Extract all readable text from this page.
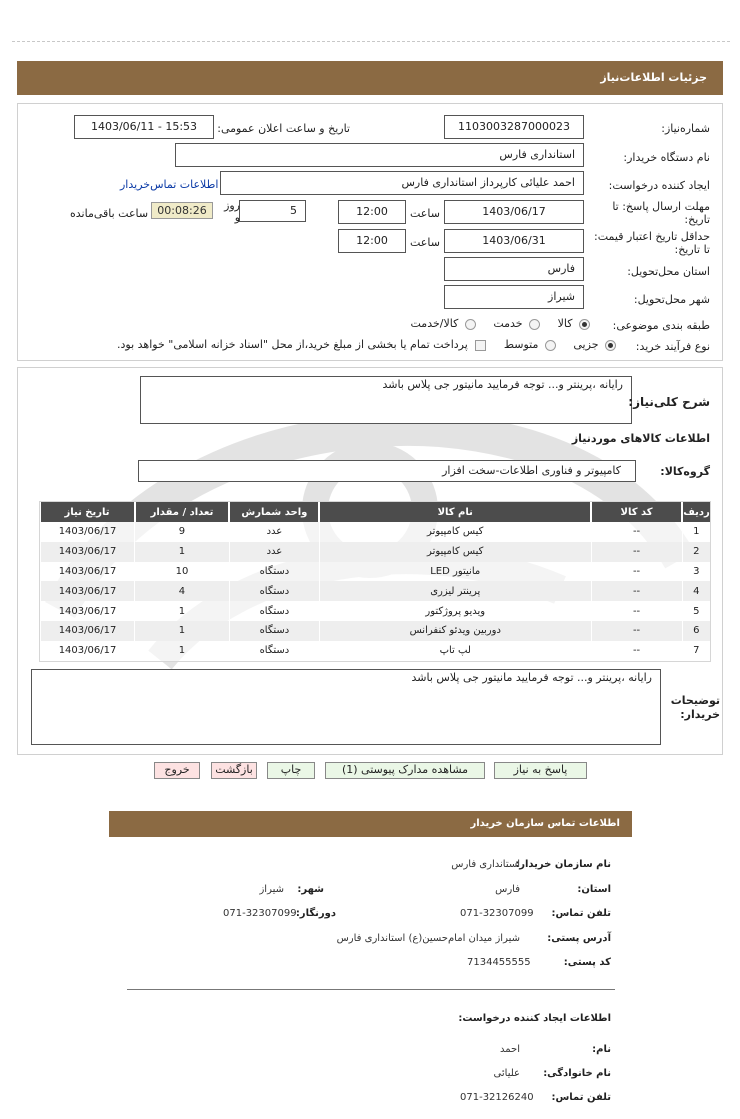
جزئیات اطلاعات‌نیاز
شماره‌نیاز:
1103003287000023
تاریخ و ساعت اعلان عمومی:
1403/06/11 - 15:53
نام دستگاه خریدار:
استانداری فارس
ایجاد کننده درخواست:
احمد علیائی کارپرداز استانداری فارس
اطلاعات تماس‌خریدار
مهلت ارسال پاسخ: تا تاریخ:
1403/06/17
ساعت
12:00
5
روز و
00:08:26
ساعت باقی‌مانده
حداقل تاریخ اعتبار قیمت: تا تاریخ:
1403/06/31
ساعت
12:00
استان محل‌تحویل:
فارس
شهر محل‌تحویل:
شیراز
طبقه بندی موضوعی:
کالا  خدمت  کالا/خدمت
نوع فرآیند خرید:
جزیی  متوسط  پرداخت تمام یا بخشی از مبلغ خرید،از محل "اسناد خزانه اسلامی" خواهد بود.
رایانه ،پرینتر و... توجه فرمایید مانیتور جی پلاس باشد
شرح کلی‌نیاز:
اطلاعات کالاهای موردنیاز
گروه‌کالا:
کامپیوتر و فناوری اطلاعات-سخت افزار
ردیف	کد کالا	نام کالا	واحد شمارش	تعداد / مقدار	تاریخ نیاز
1	--	کیس کامپیوتر	عدد	9	1403/06/17
2	--	کیس کامپیوتر	عدد	1	1403/06/17
3	--	مانیتور LED	دستگاه	10	1403/06/17
4	--	پرینتر لیزری	دستگاه	4	1403/06/17
5	--	ویدیو پروژکتور	دستگاه	1	1403/06/17
6	--	دوربین ویدئو کنفرانس	دستگاه	1	1403/06/17
7	--	لپ تاپ	دستگاه	1	1403/06/17
رایانه ،پرینتر و... توجه فرمایید مانیتور جی پلاس باشد
توضیحات خریدار:
پاسخ به نیاز
مشاهده مدارک پیوستی (1)
چاپ
بازگشت
خروج
اطلاعات تماس سازمان خریدار
نام سازمان خریدار:
استانداری فارس
استان:
فارس
شهر:
شیراز
تلفن تماس:
071-32307099
دورنگار:
071-32307099
آدرس پستی:
شیراز میدان امام‌حسین(ع) استانداری فارس
کد پستی:
7134455555
اطلاعات ایجاد کننده درخواست:
نام:
احمد
نام خانوادگی:
علیائی
تلفن تماس:
071-32126240
